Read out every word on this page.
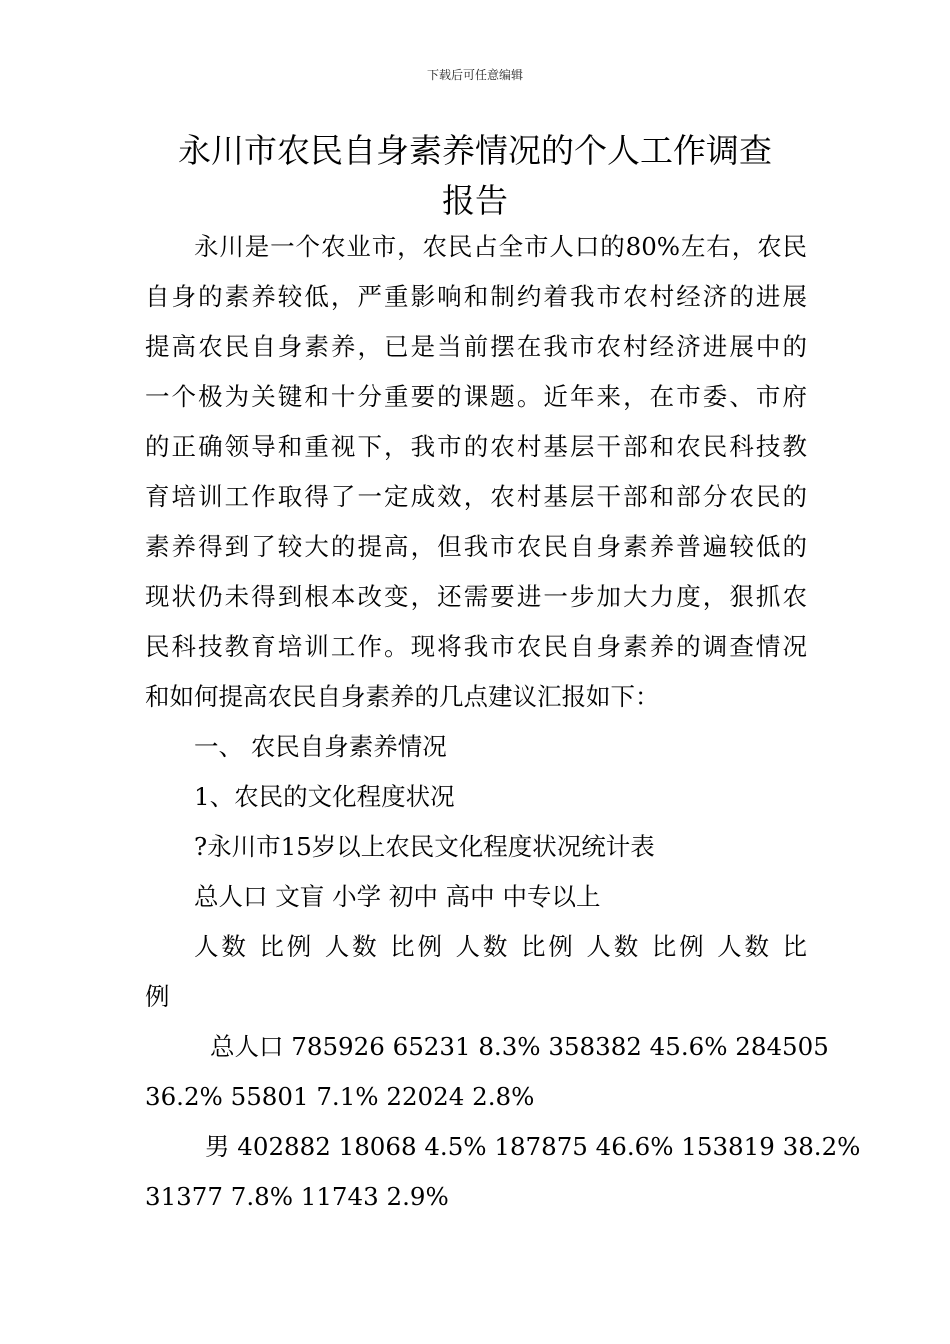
下载后可任意编辑
永川市农民自身素养情况的个人工作调查
报告
永川是一个农业市，农民占全市人口的80%左右，农民
自身的素养较低，严重影响和制约着我市农村经济的进展
提高农民自身素养，已是当前摆在我市农村经济进展中的
一个极为关键和十分重要的课题。近年来，在市委、市府
的正确领导和重视下，我市的农村基层干部和农民科技教
育培训工作取得了一定成效，农村基层干部和部分农民的
素养得到了较大的提高，但我市农民自身素养普遍较低的
现状仍未得到根本改变，还需要进一步加大力度，狠抓农
民科技教育培训工作。现将我市农民自身素养的调查情况
和如何提高农民自身素养的几点建议汇报如下：
一、 农民自身素养情况
1、农民的文化程度状况
?永川市15岁以上农民文化程度状况统计表
总人口 文盲 小学 初中 高中 中专以上
人数 比例 人数 比例 人数 比例 人数 比例 人数 比
例
总人口 785926 65231 8.3% 358382 45.6% 284505
36.2% 55801 7.1% 22024 2.8%
男 402882 18068 4.5% 187875 46.6% 153819 38.2%
31377 7.8% 11743 2.9%
